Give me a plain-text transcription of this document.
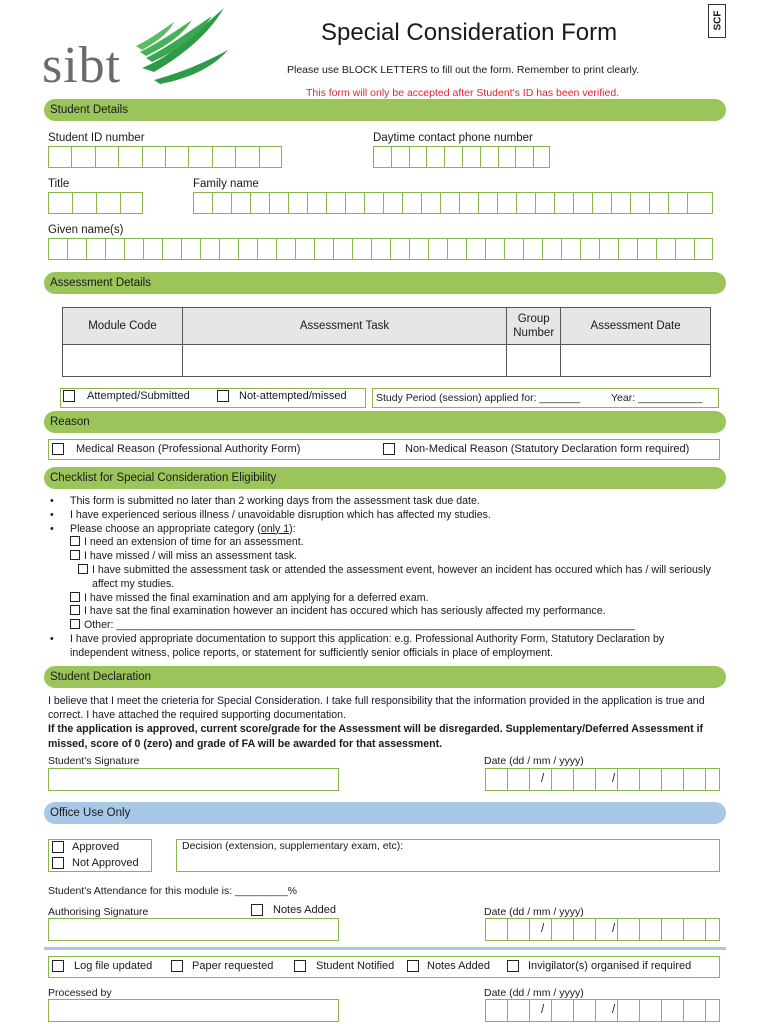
sibt
Special Consideration Form	SCF
Please use BLOCK LETTERS to fill out the form. Remember to print clearly.
This form will only be accepted after Student's ID has been verified.
Student Details
Student ID number	Daytime contact phone number
Title	Family name
Given name(s)
Assessment Details
Module Code	Assessment Task	Group Number	Assessment Date

Attempted/Submitted	Not-attempted/missed	Study Period (session) applied for: _______	Year: ___________
Reason
Medical Reason (Professional Authority Form)	Non-Medical Reason (Statutory Declaration form required)
Checklist for Special Consideration Eligibility
• This form is submitted no later than 2 working days from the assessment task due date.
• I have experienced serious illness / unavoidable disruption which has affected my studies.
• Please choose an appropriate category (only 1):
I need an extension of time for an assessment.
I have missed / will miss an assessment task.
I have submitted the assessment task or attended the assessment event, however an incident has occured which has / will seriously affect my studies.
I have missed the final examination and am applying for a deferred exam.
I have sat the final examination however an incident has occured which has seriously affected my performance.
Other: ________________________________________________________________________________________
• I have provied appropriate documentation to support this application: e.g. Professional Authority Form, Statutory Declaration by independent witness, police reports, or statement for sufficiently senior officials in place of employment.
Student Declaration
I believe that I meet the crieteria for Special Consideration. I take full responsibility that the information provided in the application is true and correct. I have attached the required supporting documentation.
If the application is approved, current score/grade for the Assessment will be disregarded. Supplementary/Deferred Assessment if missed, score of 0 (zero) and grade of FA will be awarded for that assessment.
Student's Signature	Date (dd / mm / yyyy)
/	/
Office Use Only
Approved
Not Approved
Decision (extension, supplementary exam, etc):
Student's Attendance for this module is: _________%
Authorising Signature	Notes Added	Date (dd / mm / yyyy)
/	/
Log file updated	Paper requested	Student Notified	Notes Added	Invigilator(s) organised if required
Processed by	Date (dd / mm / yyyy)
/	/
